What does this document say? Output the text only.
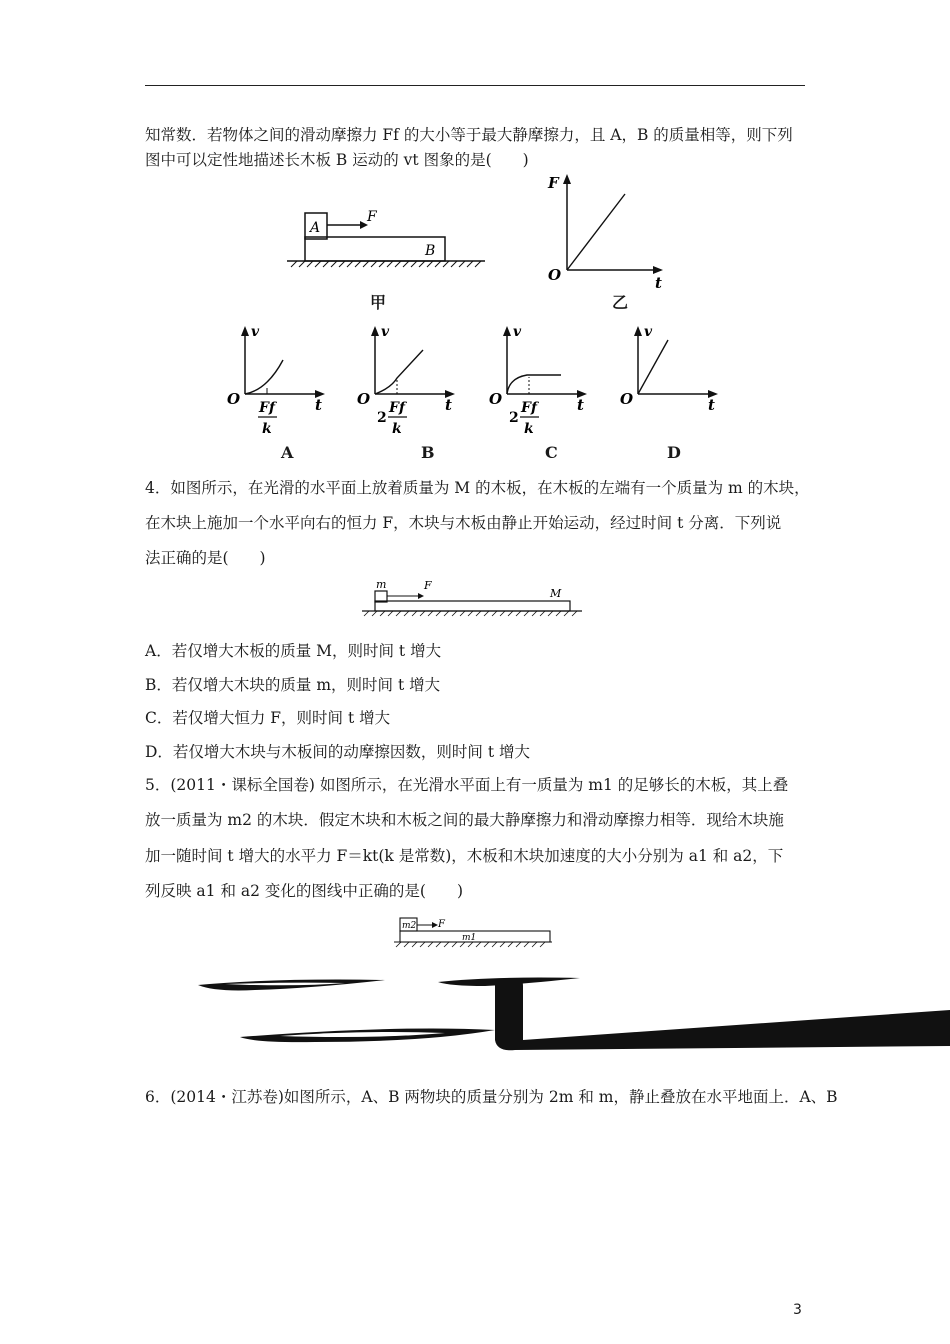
知常数．若物体之间的滑动摩擦力 Ff 的大小等于最大静摩擦力，且 A，B 的质量相等，则下列
图中可以定性地描述长木板 B 运动的 vt 图象的是(　　)
A
F
B
甲
F
O	t
乙
v
O	t
Ff
k
A
v
O	t
2
Ff
k
B
v
O	t
2
Ff
k
C
v
O	t
D
4．如图所示，在光滑的水平面上放着质量为 M 的木板，在木板的左端有一个质量为 m 的木块，
在木块上施加一个水平向右的恒力 F，木块与木板由静止开始运动，经过时间 t 分离．下列说
法正确的是(　　)
m	F
M
A．若仅增大木板的质量 M，则时间 t 增大
B．若仅增大木块的质量 m，则时间 t 增大
C．若仅增大恒力 F，则时间 t 增大
D．若仅增大木块与木板间的动摩擦因数，则时间 t 增大
5．(2011・课标全国卷) 如图所示，在光滑水平面上有一质量为 m1 的足够长的木板，其上叠
放一质量为 m2 的木块．假定木块和木板之间的最大静摩擦力和滑动摩擦力相等．现给木块施
加一随时间 t 增大的水平力 F＝kt(k 是常数)，木板和木块加速度的大小分别为 a1 和 a2，下
列反映 a1 和 a2 变化的图线中正确的是(　　)
m2 F
m1
6．(2014・江苏卷)如图所示，A、B 两物块的质量分别为 2m 和 m，静止叠放在水平地面上．A、B
3
